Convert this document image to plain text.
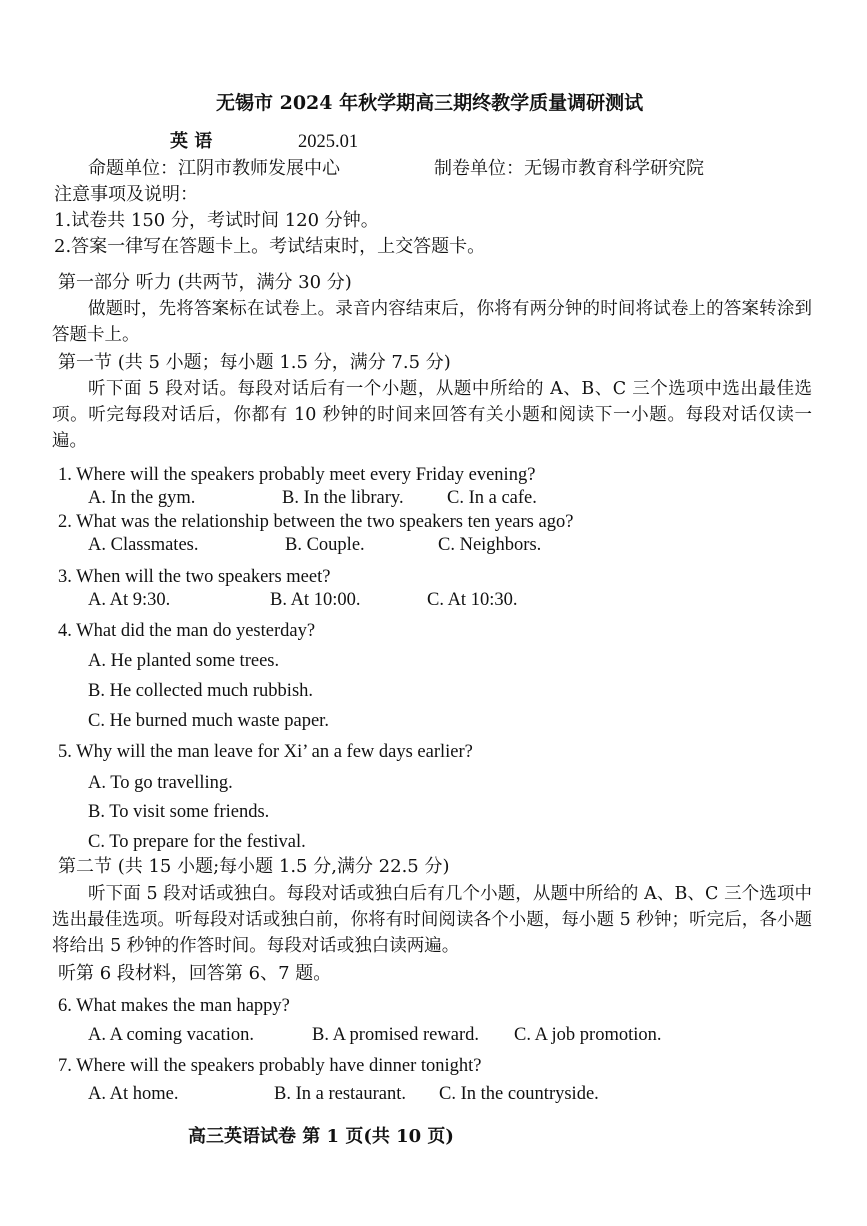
无锡市 2024 年秋学期高三期终教学质量调研测试
英 语	2025.01
命题单位：江阴市教师发展中心	制卷单位：无锡市教育科学研究院
注意事项及说明：
1.试卷共 150 分，考试时间 120 分钟。
2.答案一律写在答题卡上。考试结束时，上交答题卡。
第一部分 听力 (共两节，满分 30 分)
做题时，先将答案标在试卷上。录音内容结束后，你将有两分钟的时间将试卷上的答案转涂到答题卡上。
第一节 (共 5 小题；每小题 1.5 分，满分 7.5 分)
听下面 5 段对话。每段对话后有一个小题，从题中所给的 A、B、C 三个选项中选出最佳选项。听完每段对话后，你都有 10 秒钟的时间来回答有关小题和阅读下一小题。每段对话仅读一遍。
1. Where will the speakers probably meet every Friday evening?
A. In the gym.	B. In the library. C. In a cafe.
2. What was the relationship between the two speakers ten years ago?
A. Classmates.	B. Couple.	C. Neighbors.
3. When will the two speakers meet?
A. At 9:30.	B. At 10:00.	C. At 10:30.
4. What did the man do yesterday?
A. He planted some trees.
B. He collected much rubbish.
C. He burned much waste paper.
5. Why will the man leave for Xi’ an a few days earlier?
A. To go travelling.
B. To visit some friends.
C. To prepare for the festival.
第二节 (共 15 小题;每小题 1.5 分,满分 22.5 分)
听下面 5 段对话或独白。每段对话或独白后有几个小题，从题中所给的 A、B、C 三个选项中选出最佳选项。听每段对话或独白前，你将有时间阅读各个小题，每小题 5 秒钟；听完后，各小题将给出 5 秒钟的作答时间。每段对话或独白读两遍。
听第 6 段材料，回答第 6、7 题。
6. What makes the man happy?
A. A coming vacation.	B. A promised reward. C. A job promotion.
7. Where will the speakers probably have dinner tonight?
A. At home.	B. In a restaurant. C. In the countryside.
高三英语试卷 第 1 页(共 10 页)
